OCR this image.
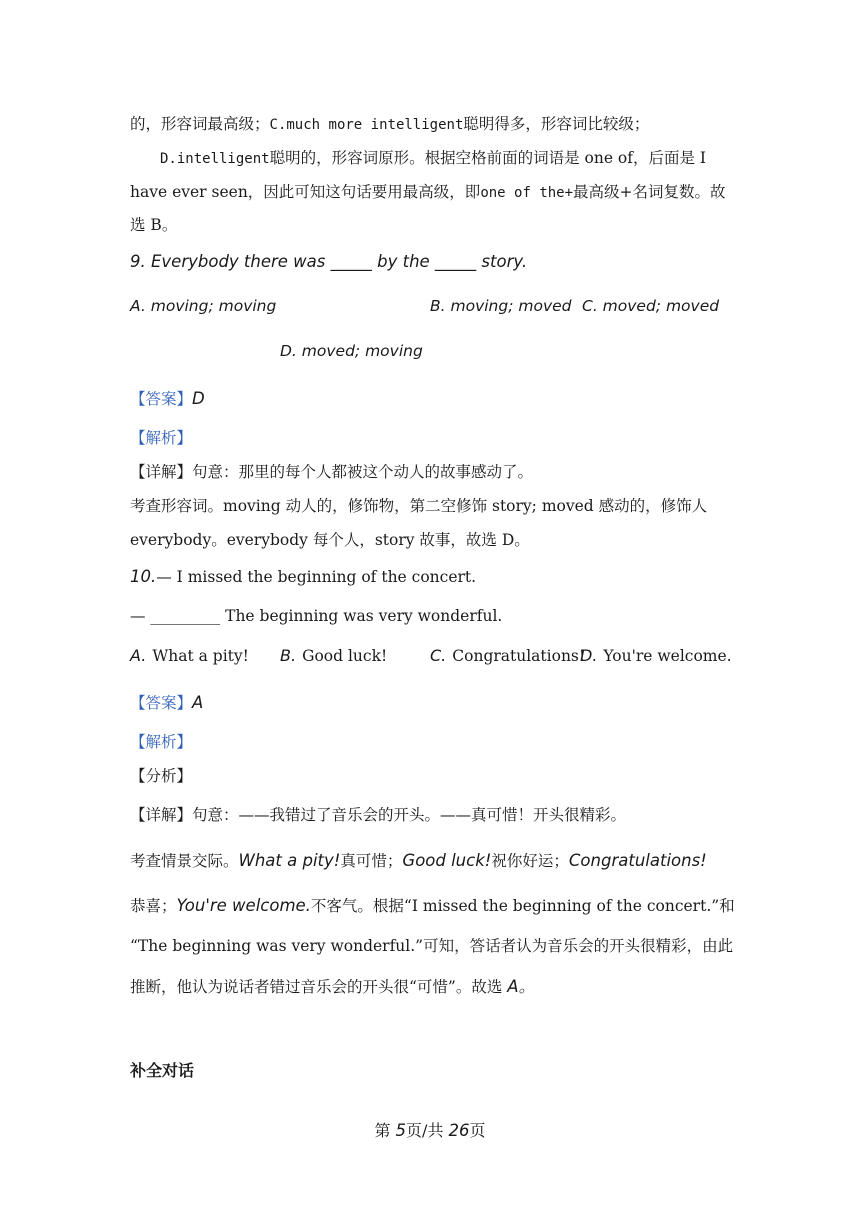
的，形容词最高级；C.much more intelligent聪明得多，形容词比较级；
D.intelligent聪明的，形容词原形。根据空格前面的词语是 one of，后面是 I
have ever seen，因此可知这句话要用最高级，即one of the+最高级+名词复数。故
选 B。
9. Everybody there was _____ by the _____ story.
A. moving; moving	B. moving; moved C. moved; moved
D. moved; moving
【答案】D
【解析】
【详解】句意：那里的每个人都被这个动人的故事感动了。
考查形容词。moving 动人的，修饰物，第二空修饰 story; moved 感动的，修饰人
everybody。everybody 每个人，story 故事，故选 D。
10.— I missed the beginning of the concert.
— _________ The beginning was very wonderful.
A. What a pity! B. Good luck!	C. Congratulations!
D. You're welcome.
【答案】A
【解析】
【分析】
【详解】句意：——我错过了音乐会的开头。——真可惜！开头很精彩。
考查情景交际。What a pity!真可惜；Good luck!祝你好运；Congratulations!
恭喜；You're welcome.不客气。根据“I missed the beginning of the concert.”和
“The beginning was very wonderful.”可知，答话者认为音乐会的开头很精彩，由此
推断，他认为说话者错过音乐会的开头很“可惜”。故选 A。
补全对话
第 5页/共 26页
